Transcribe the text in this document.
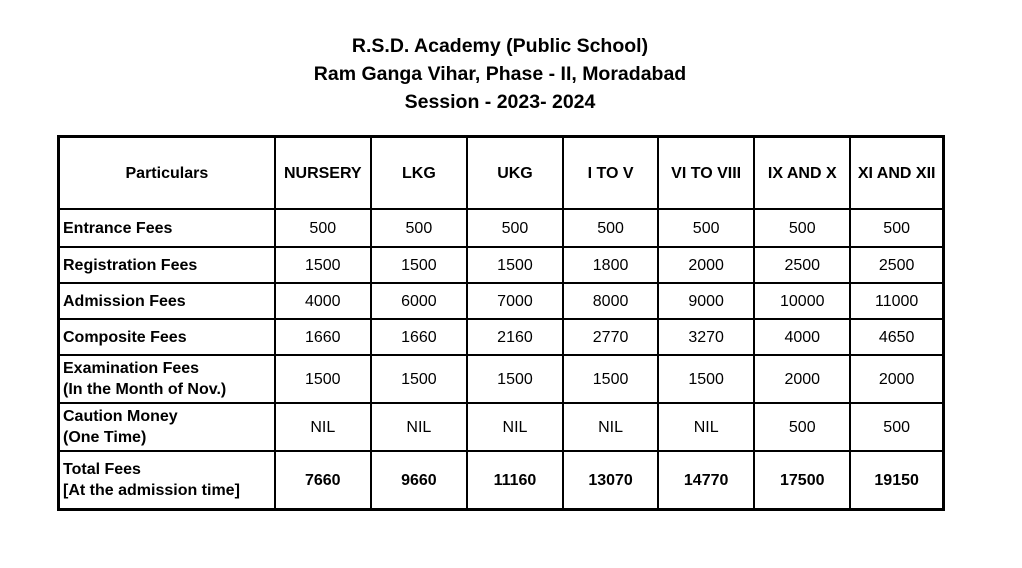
R.S.D. Academy (Public School)
Ram Ganga Vihar, Phase - II, Moradabad
Session - 2023- 2024
Particulars	NURSERY	LKG	UKG	I TO V	VI TO VIII	IX AND X	XI AND XII
Entrance Fees	500	500	500	500	500	500	500
Registration Fees	1500	1500	1500	1800	2000	2500	2500
Admission Fees	4000	6000	7000	8000	9000	10000	11000
Composite Fees	1660	1660	2160	2770	3270	4000	4650
Examination Fees
(In the Month of Nov.)	1500	1500	1500	1500	1500	2000	2000
Caution Money
(One Time)	NIL	NIL	NIL	NIL	NIL	500	500
Total Fees
[At the admission time]	7660	9660	11160	13070	14770	17500	19150
